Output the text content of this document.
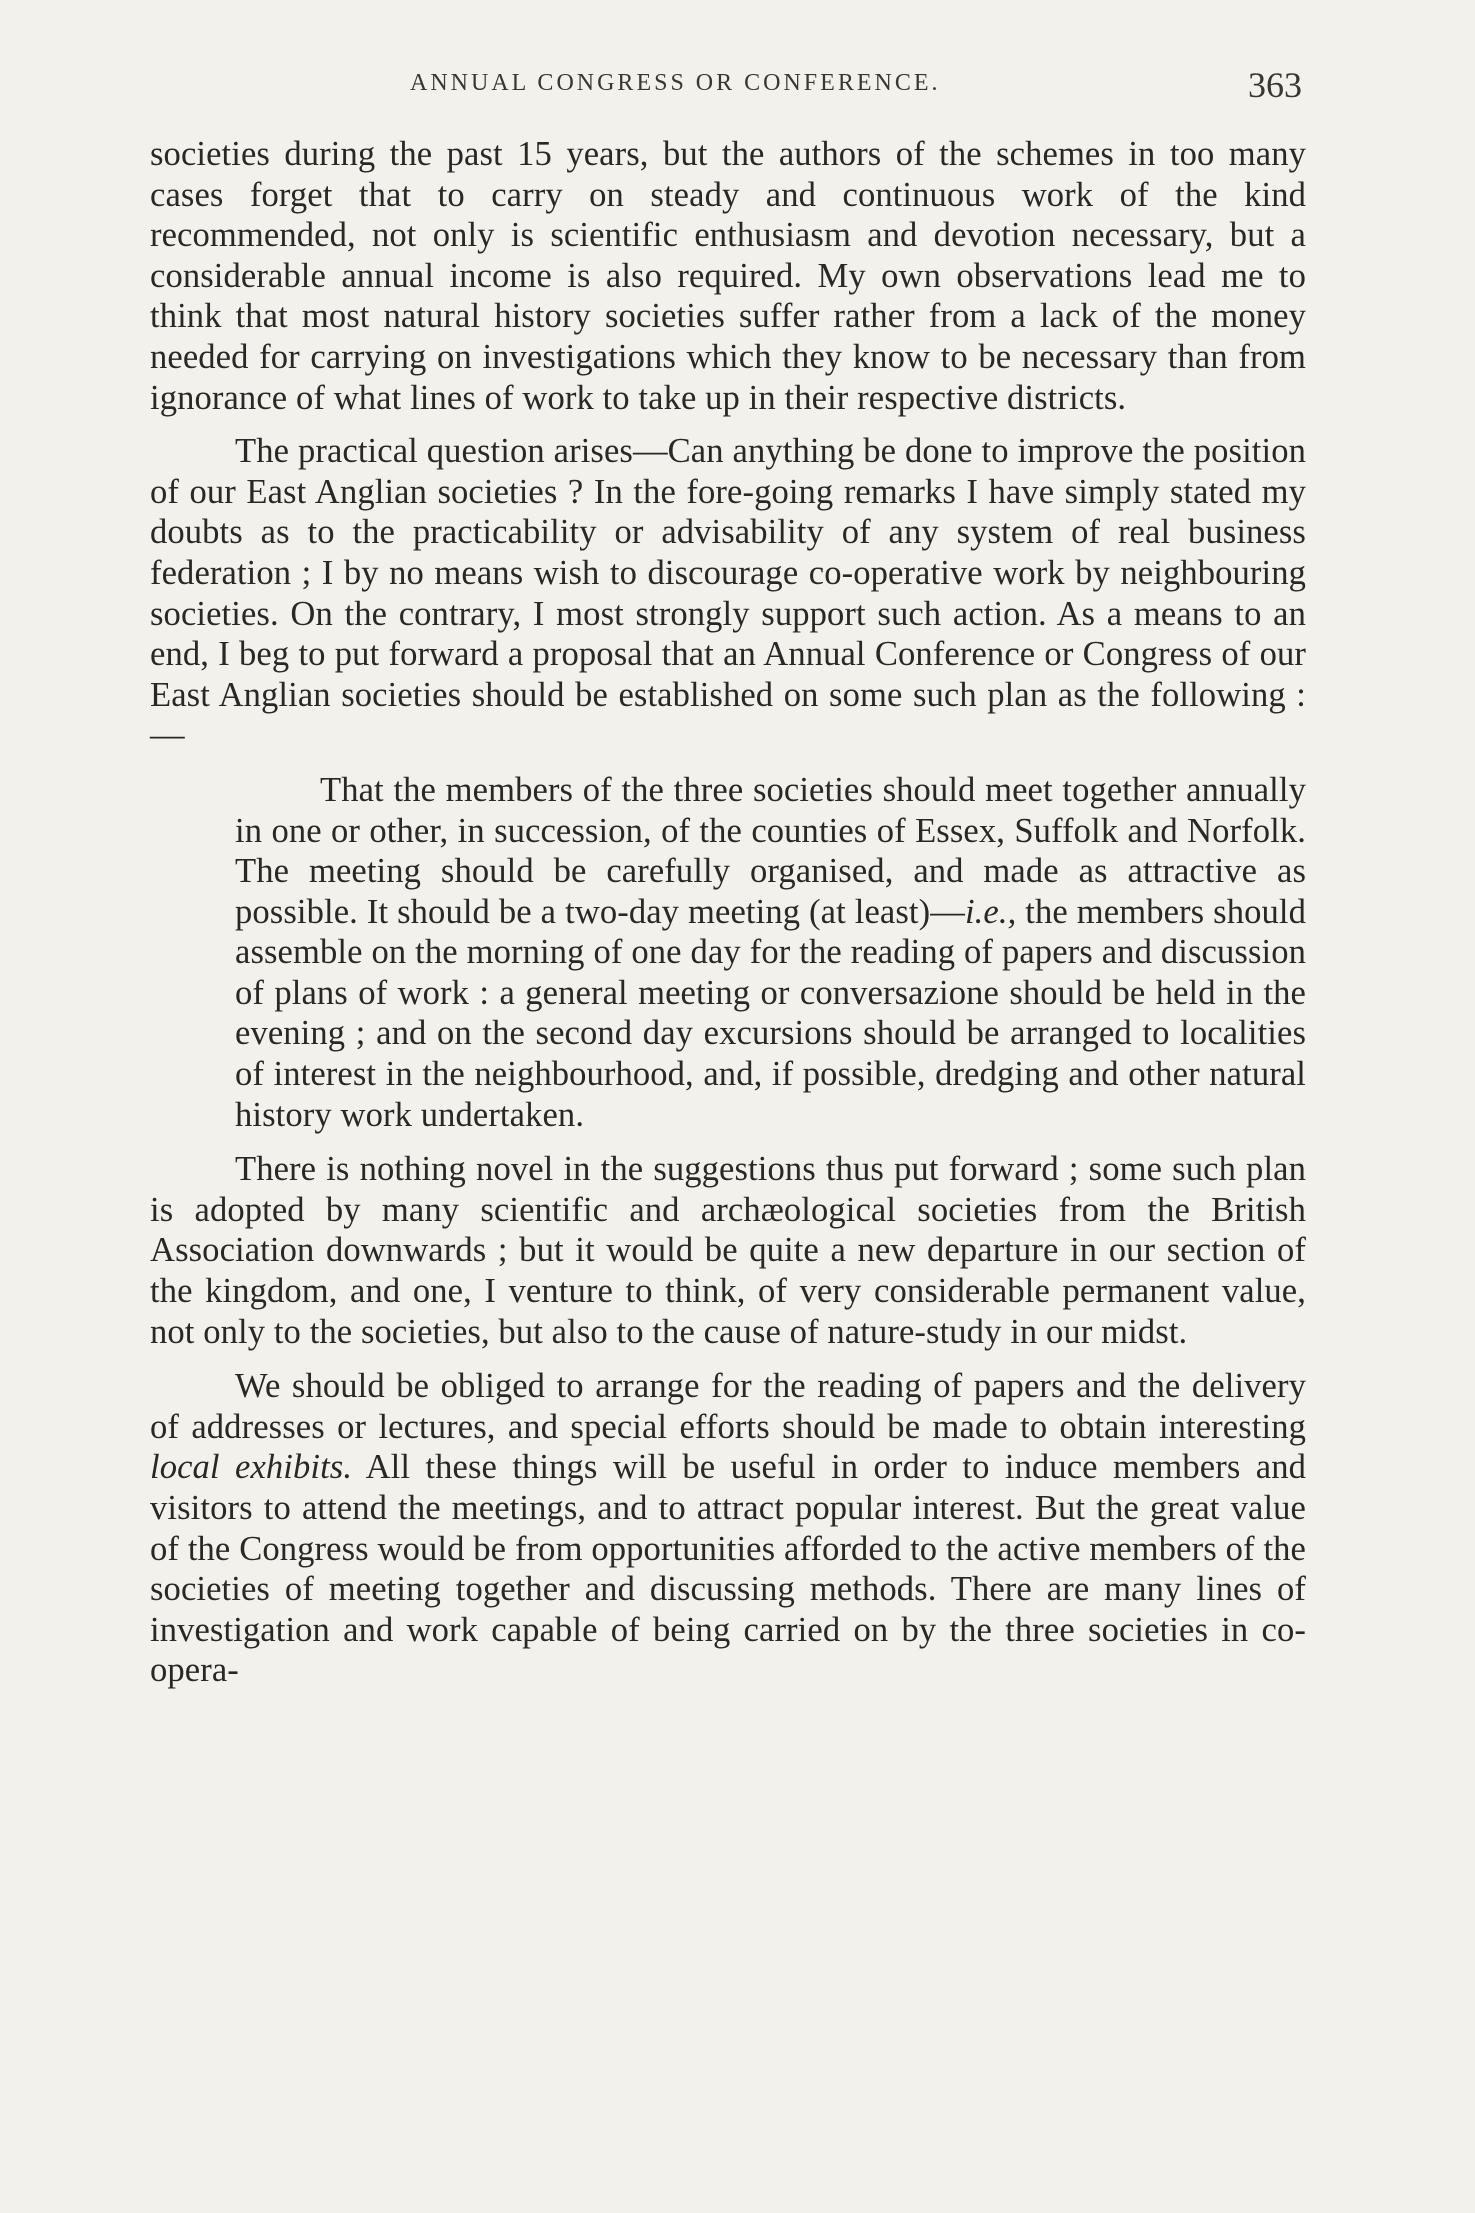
ANNUAL CONGRESS OR CONFERENCE.	363

societies during the past 15 years, but the authors of the schemes in too many cases forget that to carry on steady and continuous work of the kind recommended, not only is scientific enthusiasm and devotion necessary, but a considerable annual income is also required. My own observations lead me to think that most natural history societies suffer rather from a lack of the money needed for carrying on investigations which they know to be necessary than from ignorance of what lines of work to take up in their respective districts.

The practical question arises—Can anything be done to improve the position of our East Anglian societies ? In the fore-going remarks I have simply stated my doubts as to the practicability or advisability of any system of real business federation ; I by no means wish to discourage co-operative work by neighbouring societies. On the contrary, I most strongly support such action. As a means to an end, I beg to put forward a proposal that an Annual Conference or Congress of our East Anglian societies should be established on some such plan as the following :—

That the members of the three societies should meet together annually in one or other, in succession, of the counties of Essex, Suffolk and Norfolk. The meeting should be carefully organised, and made as attractive as possible. It should be a two-day meeting (at least)—i.e., the members should assemble on the morning of one day for the reading of papers and discussion of plans of work : a general meeting or conversazione should be held in the evening ; and on the second day excursions should be arranged to localities of interest in the neighbourhood, and, if possible, dredging and other natural history work undertaken.

There is nothing novel in the suggestions thus put forward ; some such plan is adopted by many scientific and archæological societies from the British Association downwards ; but it would be quite a new departure in our section of the kingdom, and one, I venture to think, of very considerable permanent value, not only to the societies, but also to the cause of nature-study in our midst.

We should be obliged to arrange for the reading of papers and the delivery of addresses or lectures, and special efforts should be made to obtain interesting local exhibits. All these things will be useful in order to induce members and visitors to attend the meetings, and to attract popular interest. But the great value of the Congress would be from opportunities afforded to the active members of the societies of meeting together and discussing methods. There are many lines of investigation and work capable of being carried on by the three societies in co-opera-
